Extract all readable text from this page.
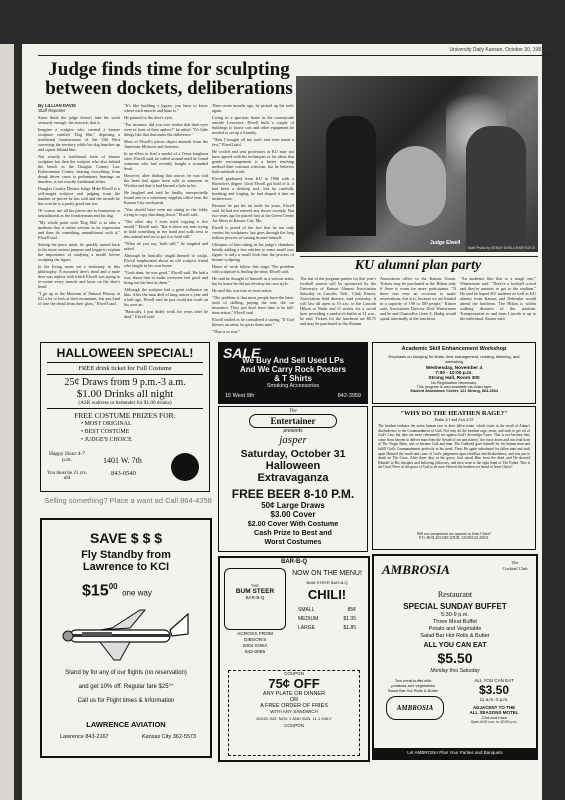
University Daily Kansan, October 30, 1981 Page 3
Judge finds time for sculpting between dockets, deliberations
By LILLIAN DAVIS
Staff Reporter

Some think the judge doesn't take his work seriously enough: his artwork, that is.

Imagine a sculptor who created a bronze sculpture entitled "Dog Shit," depicting a traditional frontiersman of the Old West surveying the territory while his dog hunches up and squats behind him.

Not exactly a traditional form of bronze sculpture but then the sculptor who also behind the bench in the Douglas County Law Enforcement Center, hearing everything from drunk driver cases to preliminary hearings on murders, is not exactly traditional either.

Douglas County District Judge Mike Elwell is a self-taught sculptor and judging from the number of pieces he has sold and the awards he has won he is a pretty good one too.

Of course, not all his pieces are as humorous or untraditional as the frontiersman and his dog.

"My whole point with 'Dog Shit' is to take a medium that is rather serious in its expression and then do something untraditional with it," Elwell said.

Setting the piece aside, he quickly turned back to his more serious purpose and began to explain the importance of studying a model before sculpting the figure.

In his living room sat a testimony to this philosophy. A mounted deer's head and a mule deer was replica with which Elwell was trying to re-create every muscle and bone on the deer's head.

"I go up to the Museum of Natural History at KU a lot to look at their mountains, but you kind of lose the detail from their glass," Elwell said.

"It's like building a jigsaw, you have to know where each muscle and bone is."

He pointed to the deer's eyes.

"For instance, did you ever realize that their eyes were in front of their antlers?" he asked. "It's little things like that that make the difference."

Most of Elwell's pieces depict animals from the American Midwest and frontiers.

In an effort to find a model of a Texas longhorn steer, Elwell said, he called around until he found someone who had recently bought a wounded head.

However, after finding that source, he was told the head had again been sold to someone in Wichita and that it had burned a hole in his.

He laughed and said he finally, unexpectedly found one in a veterinary supplies office near the Kansas City stockyards.

"You should have seen me sitting in the lobby trying to copy that thing down," Elwell said.

"The other day I even tried copying a live model," Elwell said. "But it drove me nuts trying to hold something in my hand and walk next to this animal and try to get it to hold still."

"What do you say, 'hold still,'" he laughed and asked.

Although he basically taught himself to sculpt, Elwell emphasized about an old sculptor friend who taught in his own home.

"Gosh darn, he was good," Elwell said. He had a way about him to make everyone feel good and bring out the best in them."

Although the sculptor had a great influence on him. After the man died of lung cancer a year and a half ago, Elwell said he just could not work on his own art.

"Basically, I just didn't work for years after he died," Elwell said.

Then seven months ago, he picked up his tools again.

Living in a spacious home in the countryside outside Lawrence, Elwell built a couple of buildings to house cats and other equipment he needed to set up a foundry.

"Then I bought all my tools and even made a few," Elwell said.

He cooled and sent professors at KU may not have agreed with his techniques or his ideas that gentle encouragement is a better teaching method than constant criticism, but he believes both methods work.

Elwell graduated from KU in 1966 with a Bachelor's degree. Until Elwell got hold of it, it had been a desktop tool, but by carefully breaking and forging, he had shaped it into an architecture.

Because he put his art aside for years, Elwell said, he had not entered any shows recently. But two years ago he placed first at the Green Center Art Show in Kansas City, Mo.

Elwell is proud of the fact that he not only creates his sculptures, but goes through the long tedious process of casting bronze himself.

Glimpses of him sitting in his judge's chambers hastily adding a few stitches to some small wax figure, is only a small look into the process of bronze sculpting.

Hours of work follow this stage. The problem with sculpture is finding the time, Elwell said.

He said he thought of himself as a serious artist, but he knew he did not develop his own style.

He said this was true of most artists.

"The problem is that most people have the basic tools of skilling, paying the rent, the car insurance. They just don't have time to be full-time artists," Elwell said.

Elwell smiled as he considered a saying, "If God blesses an artist, he gives them time."

"That is so true."

Judge Elwell
Staff Photo by KENNY SHELL/HARTSOCK
KU alumni plan party
The last of the pregame parties for this year's football season will be sponsored by the University of Kansas Alumni Association Saturday in Lincoln, Neb., Clark Kinzer, Association field director, said yesterday. It will last till open at 10 a.m. in the Lincoln Hilton at Ninth and O streets for a social hour providing a sandwich buffet at 11 a.m., he said. Tickets for the luncheon are $6.75 and may be purchased at the Alumni
Association office in the Kansas Union. Tickets may be purchased at the Hilton only if there is room for more participants. "If there was ever an occasion to make reservations, this is it, because we are limited to a capacity of 190 to 180 people," Kinzer said. Association Director Dick Wintermote and he and Chancellor Gene A. Budig would speak informally at the luncheon.
"An audience like that is a tough one," Wintermote said. "They're a football crowd and they're anxious to get to the stadium." He said he hoped KU students as well as KU alumni from Kansas and Nebraska would attend the luncheon. The Hilton is within walking distance of the stadium. Transportation to and from Lincoln is up to the individual, Kinzer said.
HALLOWEEN SPECIAL!
FREE drink ticket for Full Costume
25¢ Draws from 9 p.m.-3 a.m.
$1.00 Drinks all night
(ASK waitress or bartender for $1.00 drinks)
FREE COSTUME PRIZES FOR:
• MOST ORIGINAL
• BEST COSTUME
• JUDGE'S CHOICE
Happy Hour 4-7 p.m.
You must be 21 yrs. old
1401 W. 7th
843-0540
Selling something? Place a want ad Call 864-4358
SALE
We Buy And Sell Used LPs
And We Carry Rock Posters
& T Shirts
Smoking Accessories
15 West 9th	842-3959
Academic Skill Enhancement Workshop
Emphasis on studying for finals, time management, reading, listening, and notetaking
Wednesday, November 4
7:00 - 10:00 p.m.
Strong Hall, Room 300
No Registration Necessary.
This program is also available via video-tape
Student Assistance Center, 121 Strong, 864-4064
The
Entertainer
presents
jasper
Saturday, October 31
Halloween
Extravaganza
FREE BEER 8-10 P.M.
50¢ Large Draws
$3.00 Cover
$2.00 Cover With Costume
Cash Prize to Best and
Worst Costumes
"WHY DO THE HEATHEN RAGE?"
Psalm 2:1 and Acts 4:25
The heathen embrace the entire human race in their fallen estate, which exists in the result of Adam's disobedience to the Commandment of God. Not only do the heathen rage, resist, and seek to get rid of God's Law, but they are most vehemently set against God's Sovereign Grace. This is not because they come from heaven to deliver man from the 'herald of sin and misery,' the curse down and was lead born of The Virgin Mary, and so became God and man. The Godhead gave himself for his human man and fulfill God's Commandments perfectly in his stead. Then, He again substituted for fallen man and took upon Himself the wrath and curse of God's judgement upon rebellion and disobedience, and was put to death on The Cross. After three days in the grave, God raised Him from the dead, and He showed Himself to His disciples and believing followers, and then went to the right hand of The Father. This is the Good News of the grace of God to all men. Haven't the heathen yet heard of Jesus Christ?
Will not unrepentant sin separate us from Christ?
P.O. BOX 403 DECATUR, GEORGIA 30031
SAVE $ $ $
Fly Standby from
Lawrence to KCI
$\$15^{00}$ one way
Stand by for any of our flights (no reservation)
and get 10% off. Regular fare $25°°
Call us for Flight times & Information
LAWRENCE AVIATION
Lawrence 843-2167	Kansas City 362-5573
BAR-B-Q
THE
BUM STEER
BAR-B-Q
ACROSS FROM
GIBSON'S
2004 IOWA
842-0065
NOW ON THE MENU!
BUM STEER BAR-B-Q
CHILI!
SMALL	85¢
MEDIUM	$1.35
LARGE	$1.85
COUPON
75¢ OFF
ANY PLATE OR DINNER
OR
A FREE ORDER OF FRIES
WITH ANY SANDWICH
GOOD SAT. NOV. 1 AND SUN. 11-1 ONLY
COUPON
AMBROSIA	The
Cocktail Club
Restaurant
SPECIAL SUNDAY BUFFET
5:30-9 p.m.
Three Meat Buffet
Potato and Vegetable
Salad Bar Hot Rolls & Butter
ALL YOU CAN EAT
$5.50
Monday thru Saturday
Two meat buffet with
potatoes and vegetables
Salad Bar Hot Rolls & Butter
AMBROSIA
ALL YOU CAN EAT
$3.50
11 a.m.-2 p.m.
ADJACENT TO THE
ALL SEASONS MOTEL
23rd and Iowa
Open 6:00 a.m. to 10:00 p.m.
Let AMBROSIA Plan Your Parties and Banquets
